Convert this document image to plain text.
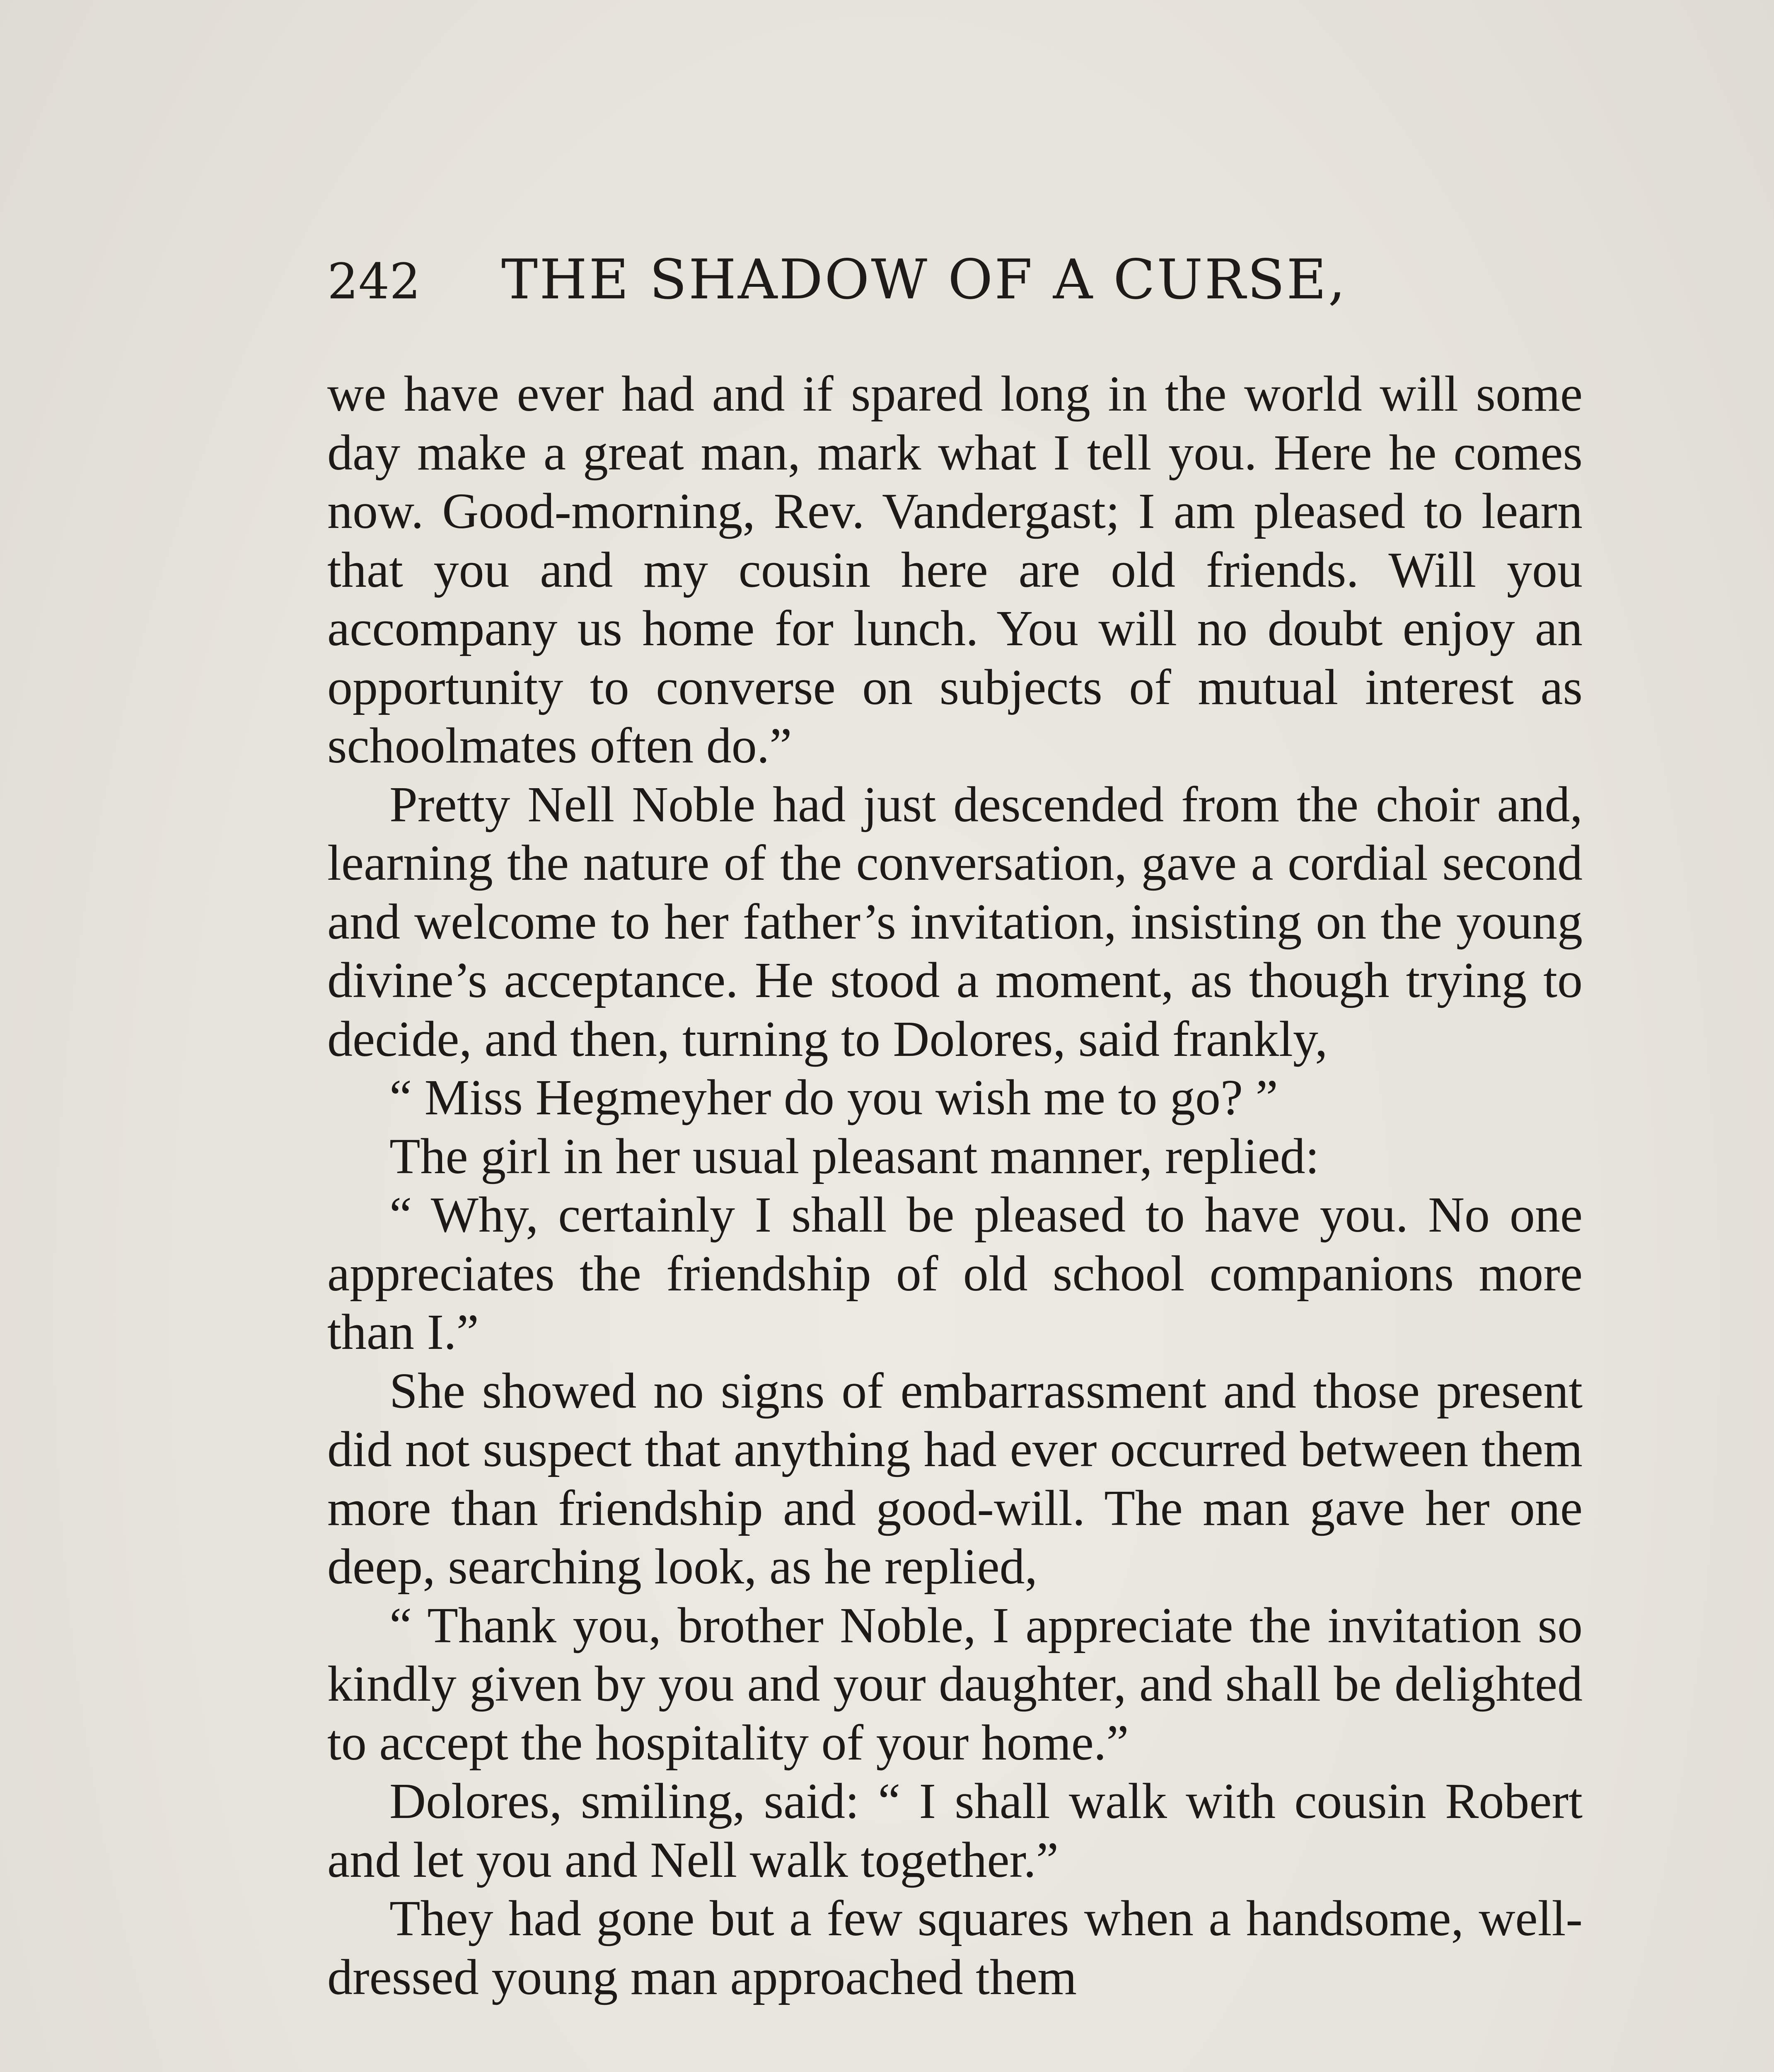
242 THE SHADOW OF A CURSE,

we have ever had and if spared long in the world will some day make a great man, mark what I tell you. Here he comes now. Good-morning, Rev. Vandergast; I am pleased to learn that you and my cousin here are old friends. Will you accompany us home for lunch. You will no doubt enjoy an opportunity to converse on subjects of mutual interest as schoolmates often do.”

Pretty Nell Noble had just descended from the choir and, learning the nature of the conversation, gave a cordial second and welcome to her father’s invitation, insisting on the young divine’s acceptance. He stood a moment, as though trying to decide, and then, turning to Dolores, said frankly,

“ Miss Hegmeyher do you wish me to go? ”

The girl in her usual pleasant manner, replied:

“ Why, certainly I shall be pleased to have you. No one appreciates the friendship of old school companions more than I.”

She showed no signs of embarrassment and those present did not suspect that anything had ever occurred between them more than friendship and good-will. The man gave her one deep, searching look, as he replied,

“ Thank you, brother Noble, I appreciate the invitation so kindly given by you and your daughter, and shall be delighted to accept the hospitality of your home.”

Dolores, smiling, said: “ I shall walk with cousin Robert and let you and Nell walk together.”

They had gone but a few squares when a handsome, well-dressed young man approached them
